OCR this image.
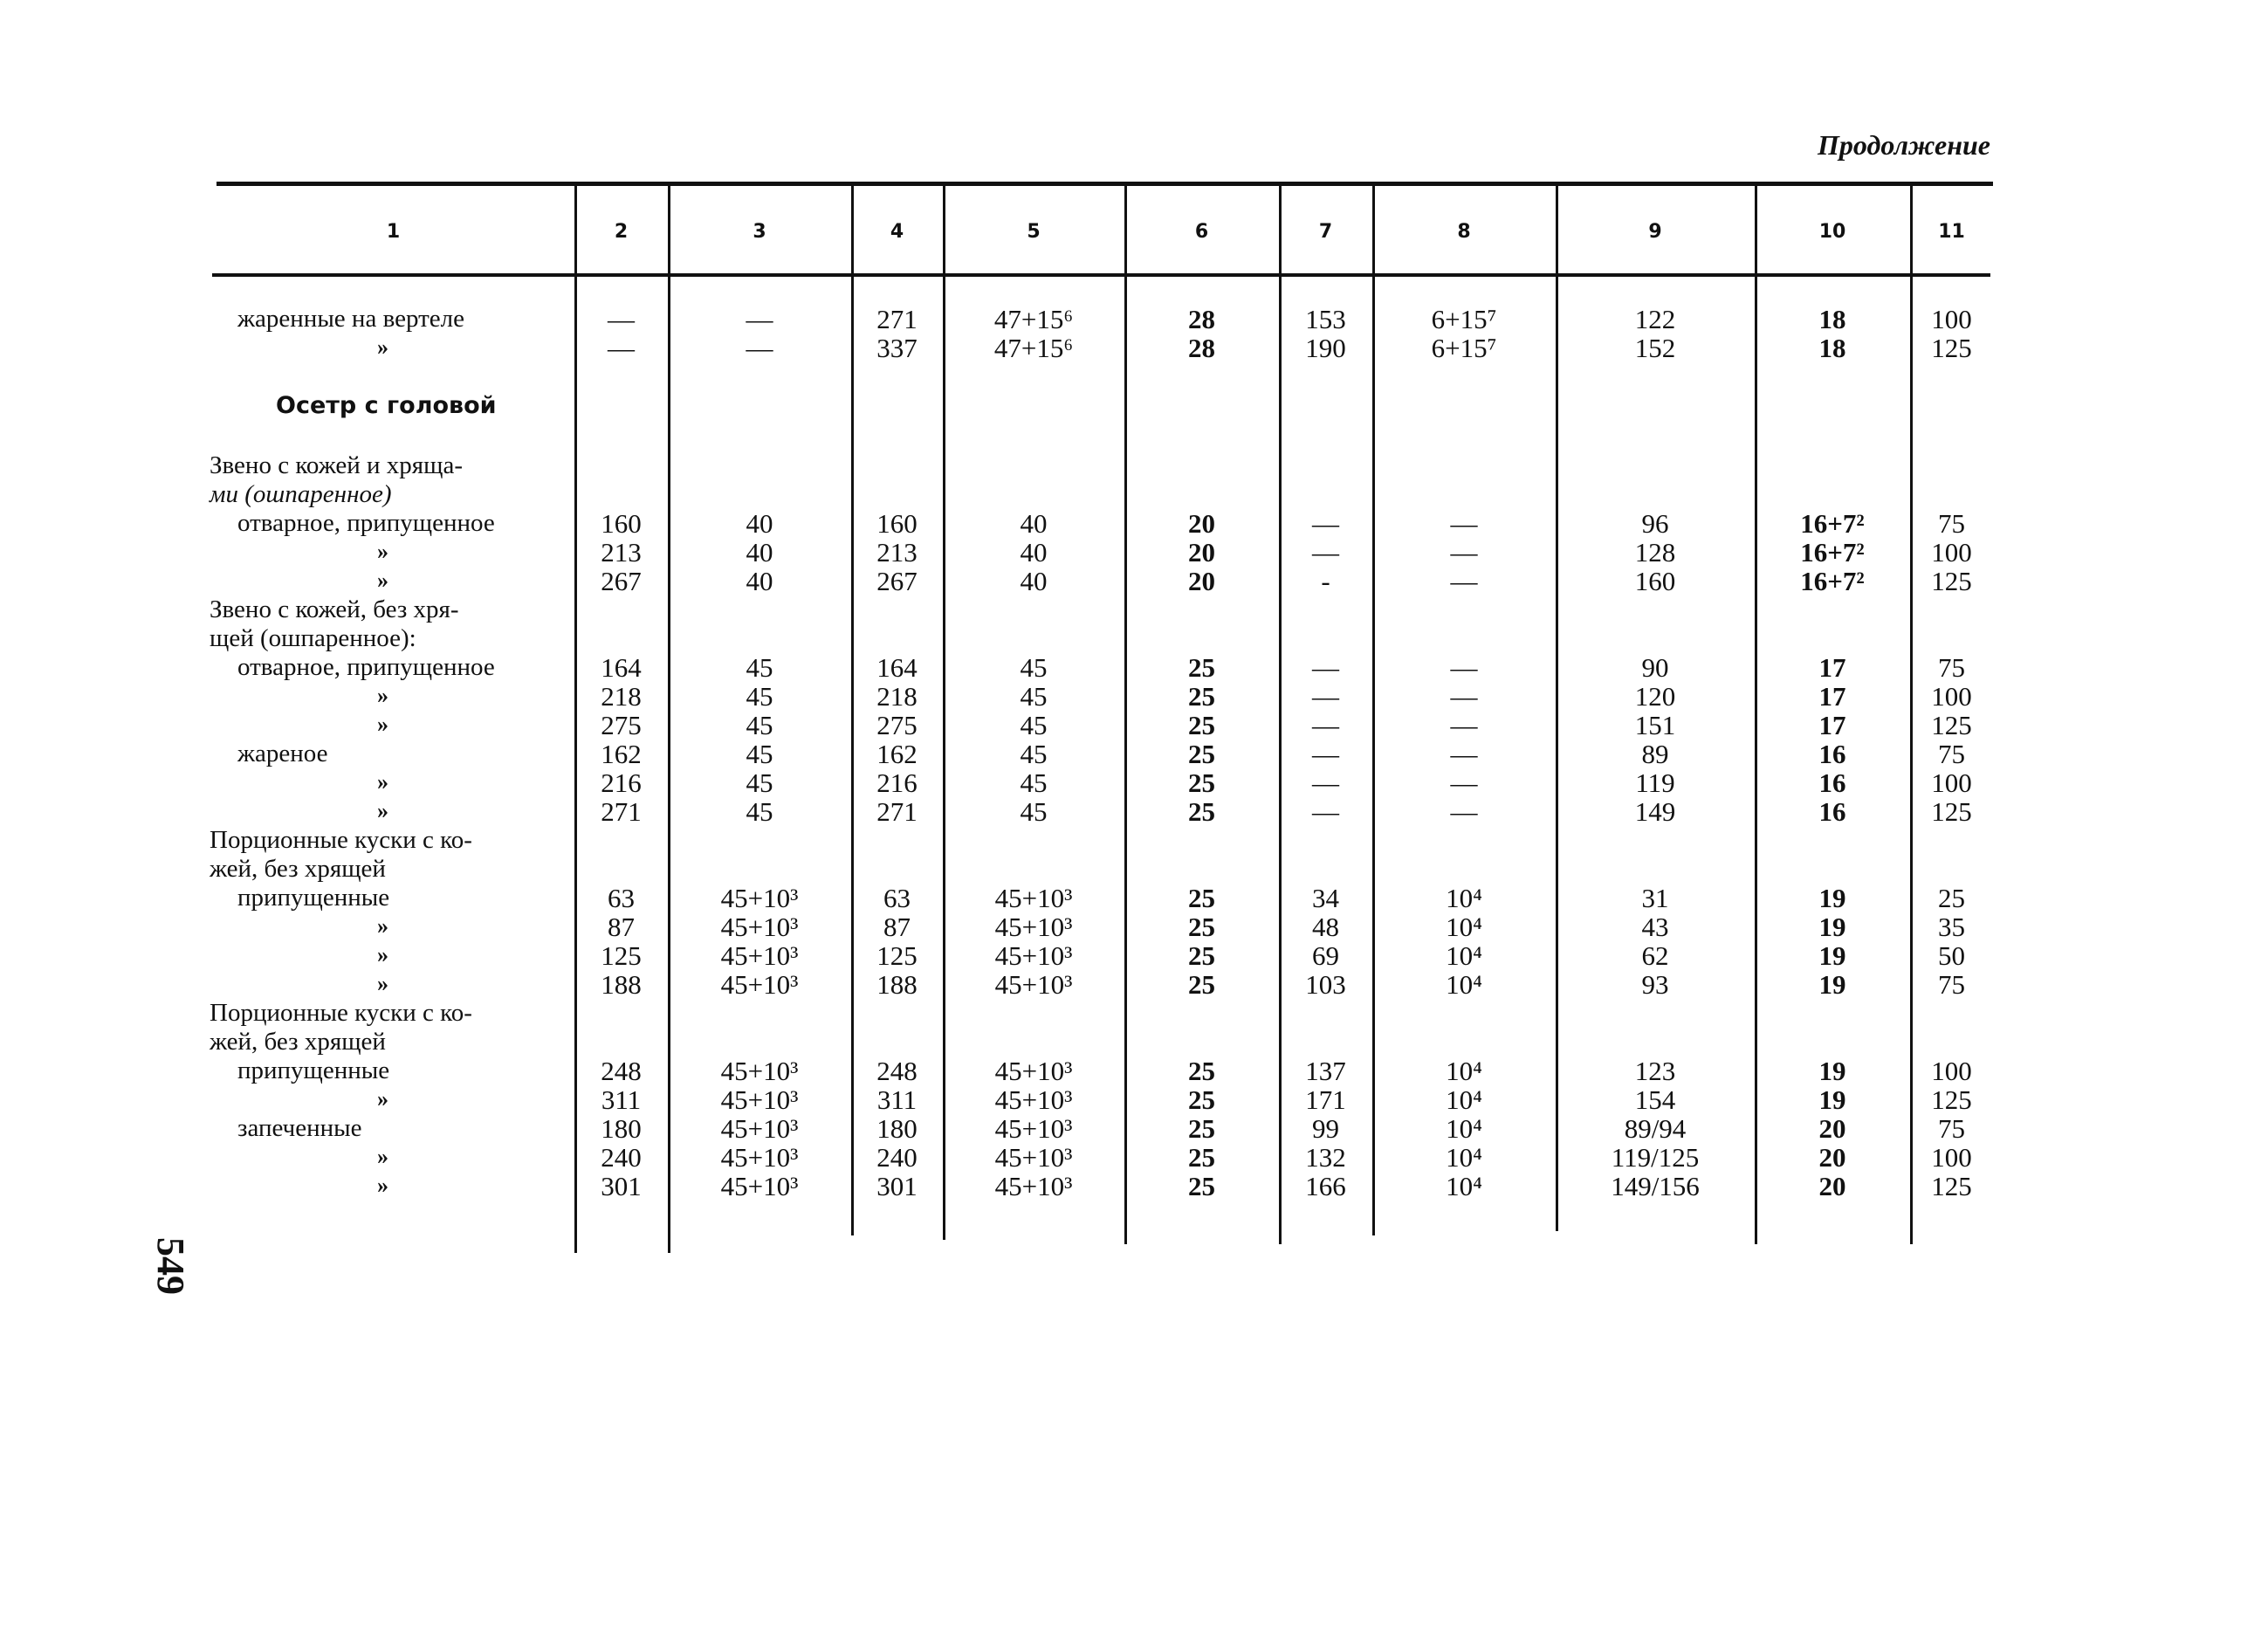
Продолжение
549
1	2	3	4	5	6	7	8	9	10	11
жаренные на вертеле	—	—	271	47+15⁶	28	153	6+15⁷	122	18	100
»	—	—	337	47+15⁶	28	190	6+15⁷	152	18	125
Осетр с головой
Звено с кожей и хряща-
ми (ошпаренное)
отварное, припущенное	160	40	160	40	20	—	—	96	16+7²	75
»	213	40	213	40	20	—	—	128	16+7²	100
»	267	40	267	40	20	-	—	160	16+7²	125
Звено с кожей, без хря-
щей (ошпаренное):
отварное, припущенное	164	45	164	45	25	—	—	90	17	75
»	218	45	218	45	25	—	—	120	17	100
»	275	45	275	45	25	—	—	151	17	125
жареное	162	45	162	45	25	—	—	89	16	75
»	216	45	216	45	25	—	—	119	16	100
»	271	45	271	45	25	—	—	149	16	125
Порционные куски с ко-
жей, без хрящей
припущенные	63	45+10³	63	45+10³	25	34	10⁴	31	19	25
»	87	45+10³	87	45+10³	25	48	10⁴	43	19	35
»	125	45+10³	125	45+10³	25	69	10⁴	62	19	50
»	188	45+10³	188	45+10³	25	103	10⁴	93	19	75
Порционные куски с ко-
жей, без хрящей
припущенные	248	45+10³	248	45+10³	25	137	10⁴	123	19	100
»	311	45+10³	311	45+10³	25	171	10⁴	154	19	125
запеченные	180	45+10³	180	45+10³	25	99	10⁴	89/94	20	75
»	240	45+10³	240	45+10³	25	132	10⁴	119/125	20	100
»	301	45+10³	301	45+10³	25	166	10⁴	149/156	20	125
